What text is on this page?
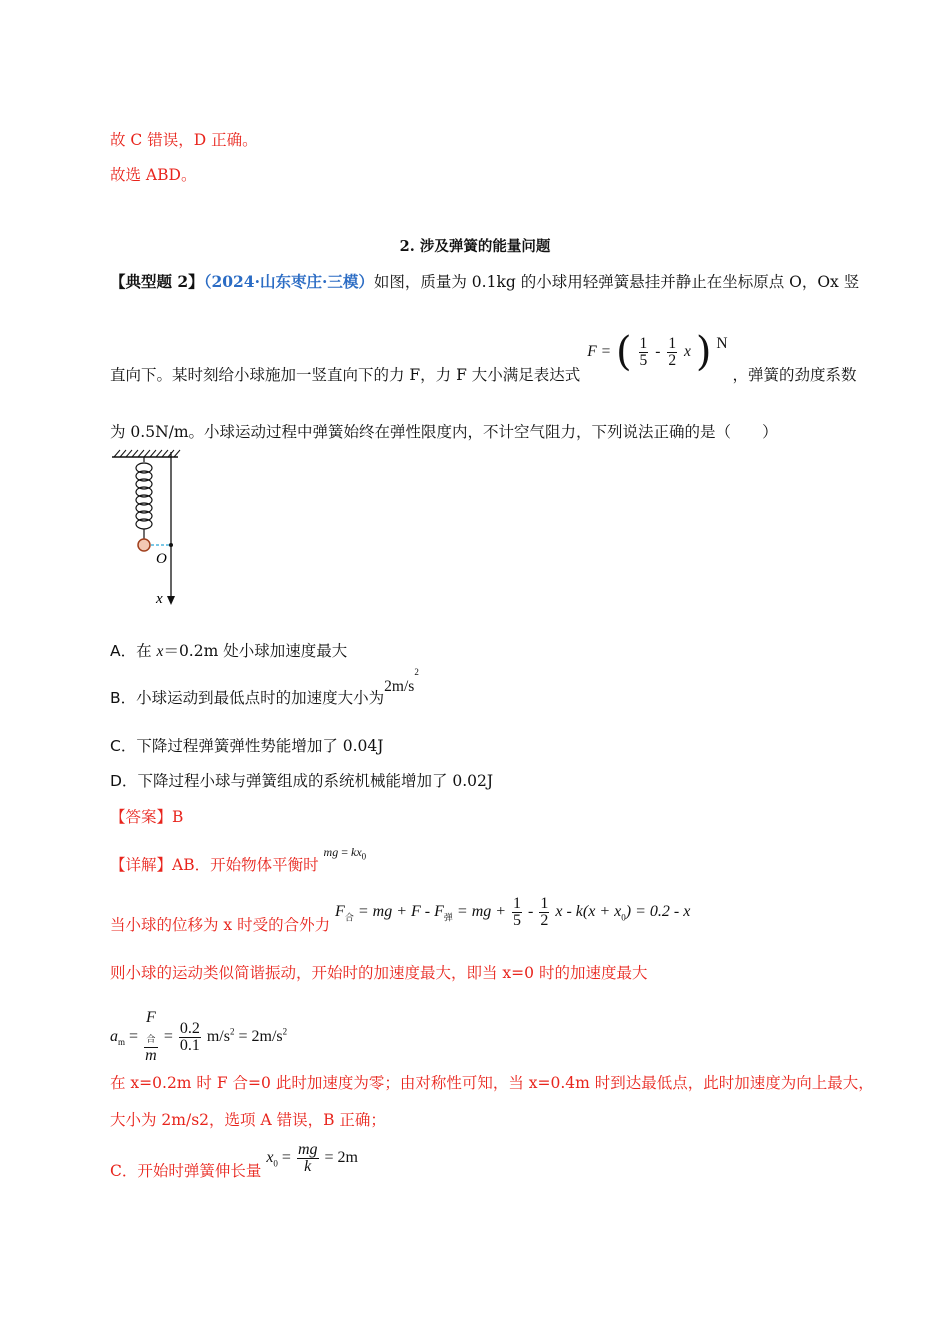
故 C 错误，D 正确。
故选 ABD。
2. 涉及弹簧的能量问题
【典型题 2】（2024·山东枣庄·三模）如图，质量为 0.1kg 的小球用轻弹簧悬挂并静止在坐标原点 O，Ox 竖
直向下。某时刻给小球施加一竖直向下的力 F，力 F 大小满足表达式 F = ( $\frac{1}{5} - \frac{1}{2}$ x ) N ，弹簧的劲度系数
为 0.5N/m。小球运动过程中弹簧始终在弹性限度内，不计空气阻力，下列说法正确的是（　　）
O
x
A．在 x＝0.2m 处小球加速度最大
B．小球运动到最低点时的加速度大小为$2m/s^2$
C．下降过程弹簧弹性势能增加了 0.04J
D．下降过程小球与弹簧组成的系统机械能增加了 0.02J
【答案】B
【详解】AB．开始物体平衡时 mg = $kx_0$
当小球的位移为 x 时受的合外力 $F_合$ = mg + F - $F_弹$ = mg + $\frac{1}{5} - \frac{1}{2}$ $x - k(x + x_0) = 0.2 - x$
则小球的运动类似简谐振动，开始时的加速度最大，即当 x=0 时的加速度最大
$a_m = F$
$_合$
$m = \frac{0.2}{0.1} m/s^2 = 2m/s^2$
在 x=0.2m 时 F 合=0 此时加速度为零；由对称性可知，当 x=0.4m 时到达最低点，此时加速度为向上最大，
大小为 2m/s2，选项 A 错误，B 正确；
C．开始时弹簧伸长量 $x_0 = \frac{mg}{k} = 2m$
